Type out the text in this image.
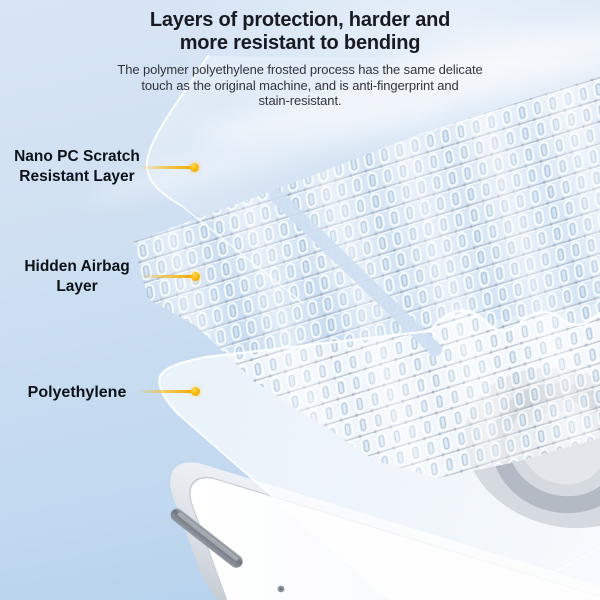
Layers of protection, harder and
more resistant to bending

The polymer polyethylene frosted process has the same delicate
touch as the original machine, and is anti-fingerprint and
stain-resistant.

Nano PC Scratch
Resistant Layer
Hidden Airbag
Layer
Polyethylene
